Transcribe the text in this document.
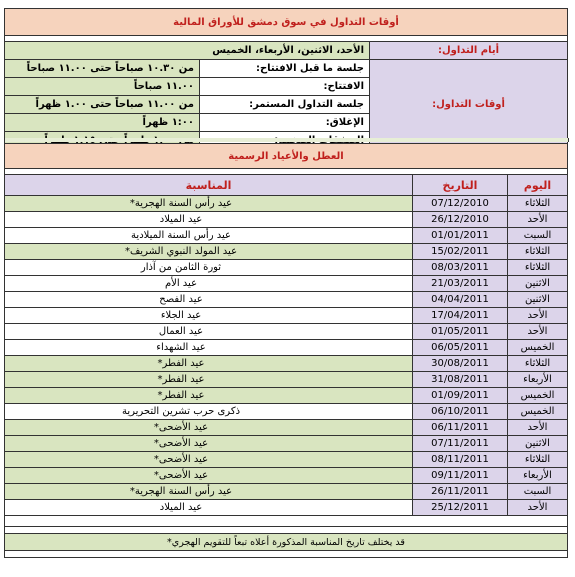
أوقات التداول في سوق دمشق للأوراق المالية		

الأحد، الاثنين، الأربعاء، الخميس		أيام التداول:
من ١٠.٣٠ صباحاً حتى ١١.٠٠ صباحاً	جلسة ما قبل الافتتاح:	أوقات التداول:
١١.٠٠ صباحاً	الافتتاح:	
من ١١.٠٠ صباحاً حتى ١.٠٠ ظهراً	جلسة التداول المستمر:	
١:٠٠ ظهراً	الإغلاق:	

العطل والأعياد الرسمية		

المناسبة	التاريخ	اليوم
عيد رأس السنة الهجرية*	07/12/2010	الثلاثاء
عيد الميلاد	26/12/2010	الأحد
عيد رأس السنة الميلادية	01/01/2011	السبت
عيد المولد النبوي الشريف*	15/02/2011	الثلاثاء
ثورة الثامن من آذار	08/03/2011	الثلاثاء
عيد الأم	21/03/2011	الاثنين
عيد الفصح	04/04/2011	الاثنين
عيد الجلاء	17/04/2011	الأحد
عيد العمال	01/05/2011	الأحد
عيد الشهداء	06/05/2011	الخميس
عيد الفطر*	30/08/2011	الثلاثاء
عيد الفطر*	31/08/2011	الأربعاء
عيد الفطر*	01/09/2011	الخميس
ذكرى حرب تشرين التحريرية	06/10/2011	الخميس
عيد الأضحى*	06/11/2011	الأحد
عيد الأضحى*	07/11/2011	الاثنين
عيد الأضحى*	08/11/2011	الثلاثاء
عيد الأضحى*	09/11/2011	الأربعاء
عيد رأس السنة الهجرية*	26/11/2011	السبت
عيد الميلاد	25/12/2011	الأحد

قد يختلف تاريخ المناسبة المذكورة أعلاه تبعاً للتقويم الهجري*		
